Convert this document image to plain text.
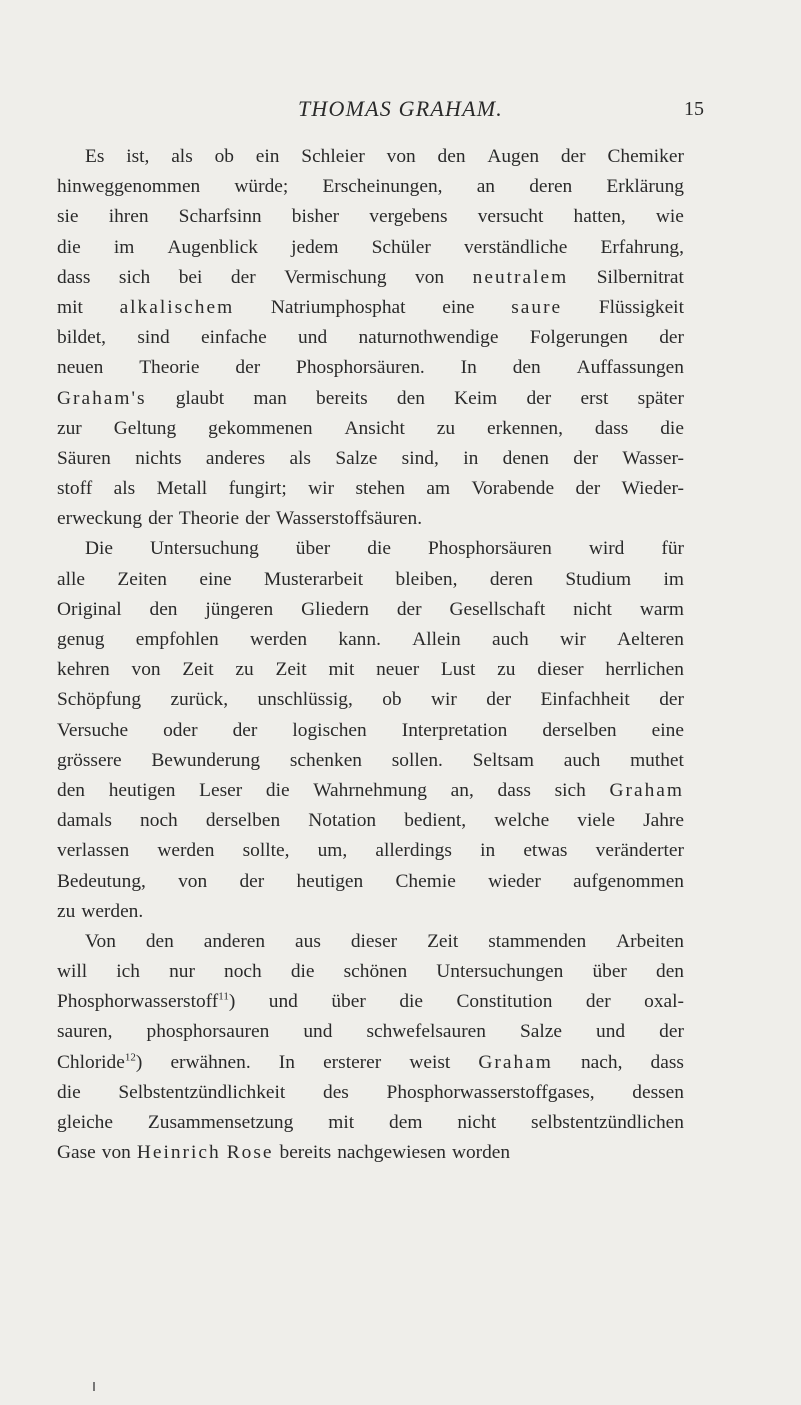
THOMAS GRAHAM.	15
Es ist, als ob ein Schleier von den Augen der Chemiker
hinweggenommen würde; Erscheinungen, an deren Erklärung
sie ihren Scharfsinn bisher vergebens versucht hatten, wie
die im Augenblick jedem Schüler verständliche Erfahrung,
dass sich bei der Vermischung von neutralem Silbernitrat
mit alkalischem Natriumphosphat eine saure Flüssigkeit
bildet, sind einfache und naturnothwendige Folgerungen der
neuen Theorie der Phosphorsäuren. In den Auffassungen
Graham's glaubt man bereits den Keim der erst später
zur Geltung gekommenen Ansicht zu erkennen, dass die
Säuren nichts anderes als Salze sind, in denen der Wasser-
stoff als Metall fungirt; wir stehen am Vorabende der Wieder-
erweckung der Theorie der Wasserstoffsäuren.
Die Untersuchung über die Phosphorsäuren wird für
alle Zeiten eine Musterarbeit bleiben, deren Studium im
Original den jüngeren Gliedern der Gesellschaft nicht warm
genug empfohlen werden kann. Allein auch wir Aelteren
kehren von Zeit zu Zeit mit neuer Lust zu dieser herrlichen
Schöpfung zurück, unschlüssig, ob wir der Einfachheit der
Versuche oder der logischen Interpretation derselben eine
grössere Bewunderung schenken sollen. Seltsam auch muthet
den heutigen Leser die Wahrnehmung an, dass sich Graham
damals noch derselben Notation bedient, welche viele Jahre
verlassen werden sollte, um, allerdings in etwas veränderter
Bedeutung, von der heutigen Chemie wieder aufgenommen
zu werden.
Von den anderen aus dieser Zeit stammenden Arbeiten
will ich nur noch die schönen Untersuchungen über den
Phosphorwasserstoff$^{11}$) und über die Constitution der oxal-
sauren, phosphorsauren und schwefelsauren Salze und der
Chloride$^{12}$) erwähnen. In ersterer weist Graham nach, dass
die Selbstentzündlichkeit des Phosphorwasserstoffgases, dessen
gleiche Zusammensetzung mit dem nicht selbstentzündlichen
Gase von Heinrich Rose bereits nachgewiesen worden
